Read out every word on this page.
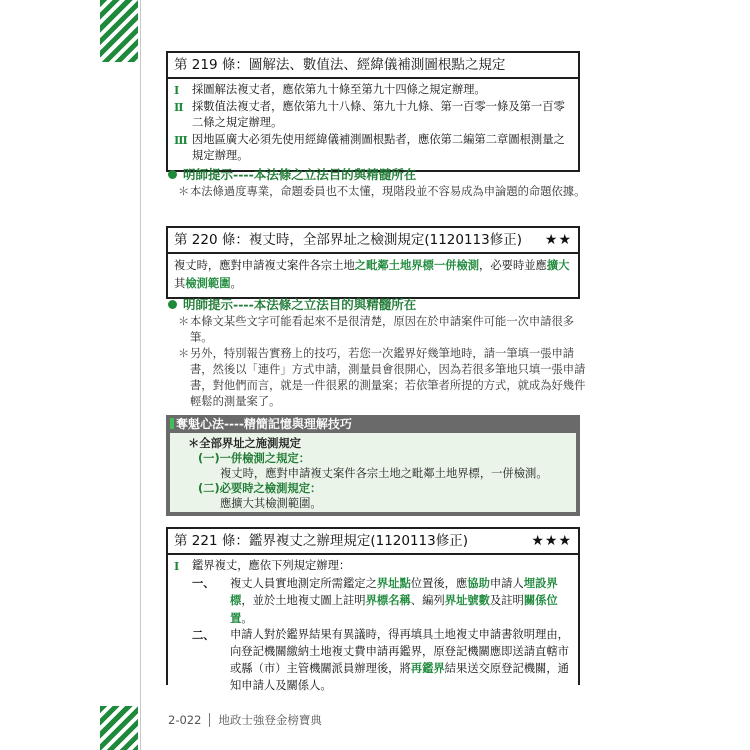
第 219 條：圖解法、數值法、經緯儀補測圖根點之規定
Ⅰ	採圖解法複丈者，應依第九十條至第九十四條之規定辦理。
Ⅱ 採數值法複丈者，應依第九十八條、第九十九條、第一百零一條及第一百零二條之規定辦理。
Ⅲ 因地區廣大必須先使用經緯儀補測圖根點者，應依第二編第二章圖根測量之規定辦理。
明師提示----本法條之立法目的與精髓所在
＊ 本法條過度專業，命題委員也不太懂，現階段並不容易成為申論題的命題依據。
第 220 條：複丈時，全部界址之檢測規定(1120113修正) ★★
複丈時，應對申請複丈案件各宗土地之毗鄰土地界標一併檢測，必要時並應擴大其檢測範圍。
明師提示----本法條之立法目的與精髓所在
＊ 本條文某些文字可能看起來不是很清楚，原因在於申請案件可能一次申請很多筆。
＊ 另外，特別報告實務上的技巧，若您一次鑑界好幾筆地時，請一筆填一張申請書，然後以「連件」方式申請，測量員會很開心，因為若很多筆地只填一張申請書，對他們而言，就是一件很累的測量案；若依筆者所提的方式，就成為好幾件輕鬆的測量案了。
奪魁心法----精簡記憶與理解技巧
＊全部界址之施測規定
(一)一併檢測之規定：
複丈時，應對申請複丈案件各宗土地之毗鄰土地界標，一併檢測。
(二)必要時之檢測規定：
應擴大其檢測範圍。
第 221 條：鑑界複丈之辦理規定(1120113修正)	★★★
Ⅰ	鑑界複丈，應依下列規定辦理：
一、	複丈人員實地測定所需鑑定之界址點位置後，應協助申請人埋設界標，並於土地複丈圖上註明界標名稱、編列界址號數及註明關係位置。
二、	申請人對於鑑界結果有異議時，得再填具土地複丈申請書敘明理由，向登記機關繳納土地複丈費申請再鑑界，原登記機關應即送請直轄市或縣（市）主管機關派員辦理後，將再鑑界結果送交原登記機關，通知申請人及關係人。
2-022 地政士強登金榜寶典
